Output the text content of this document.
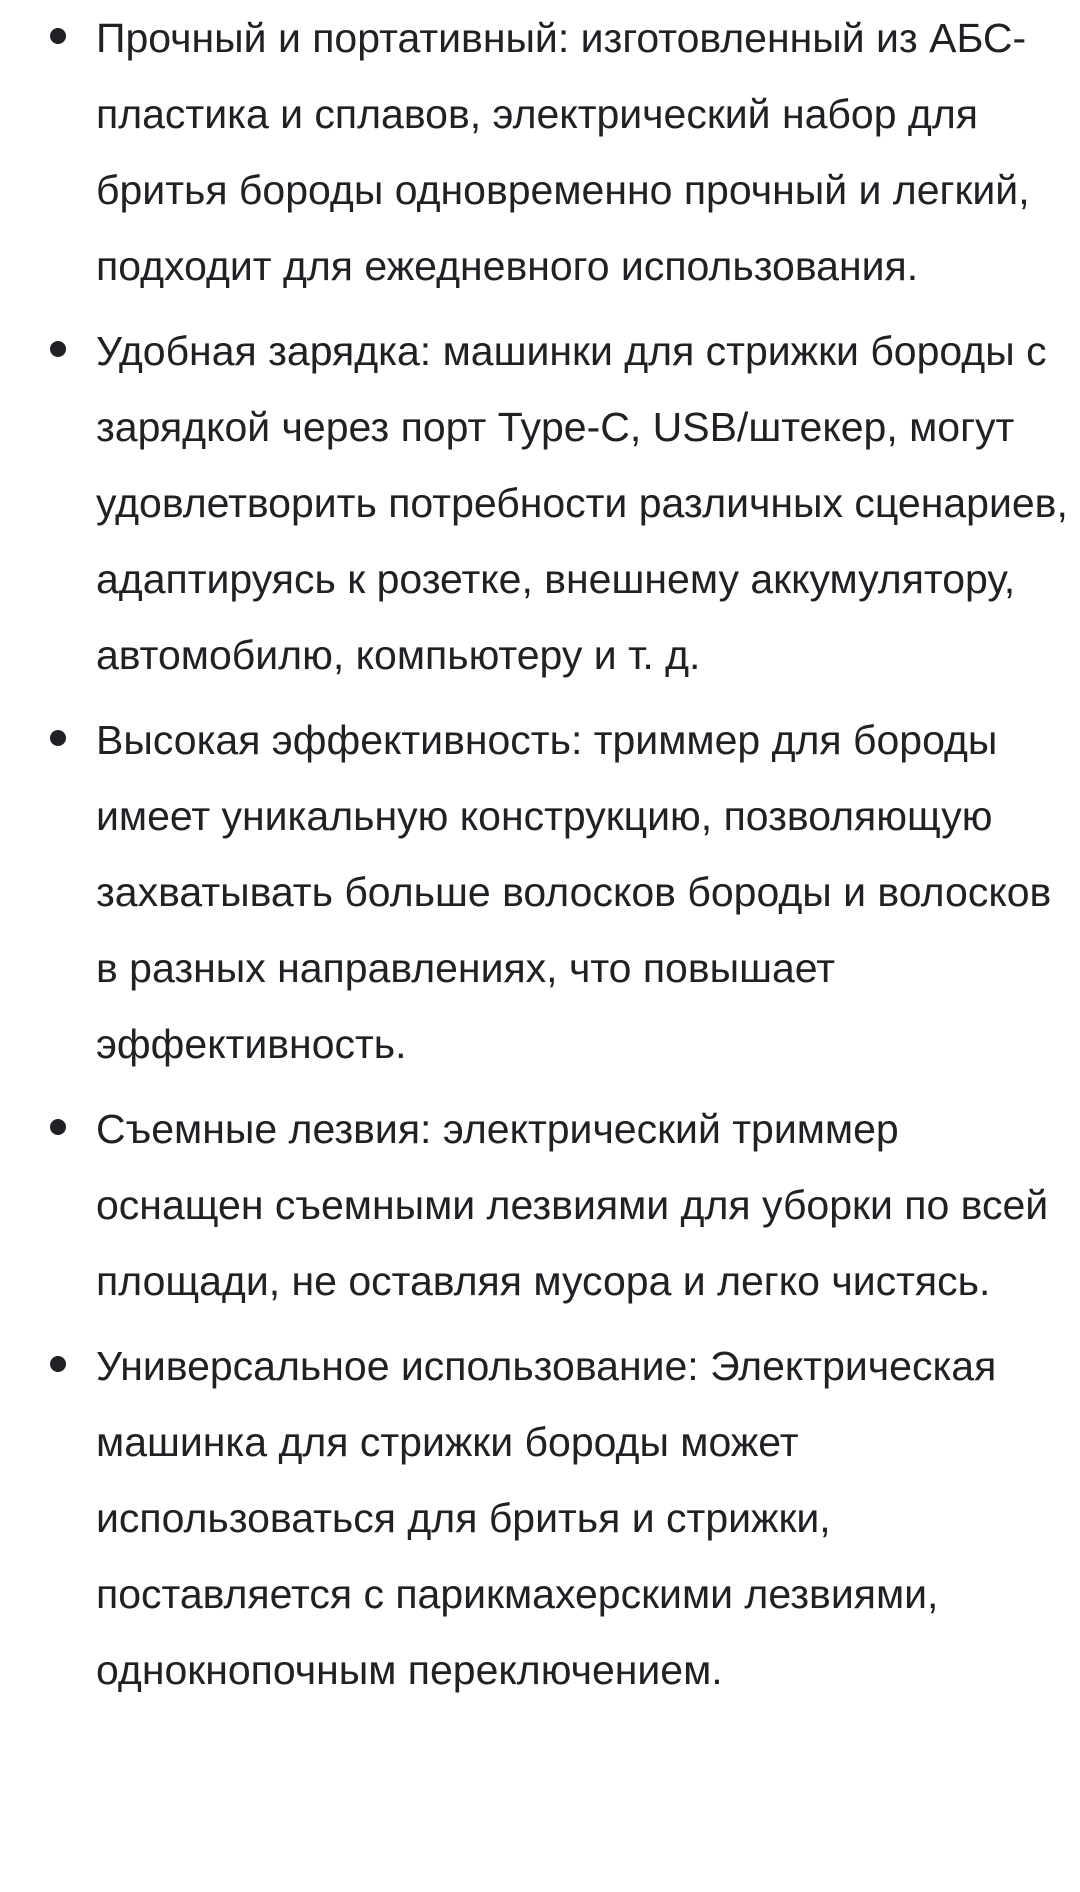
Прочный и портативный: изготовленный из АБС-пластика и сплавов, электрический набор для бритья бороды одновременно прочный и легкий, подходит для ежедневного использования.
Удобная зарядка: машинки для стрижки бороды с зарядкой через порт Type-C, USB/штекер, могут удовлетворить потребности различных сценариев, адаптируясь к розетке, внешнему аккумулятору, автомобилю, компьютеру и т. д.
Высокая эффективность: триммер для бороды имеет уникальную конструкцию, позволяющую захватывать больше волосков бороды и волосков в разных направлениях, что повышает эффективность.
Съемные лезвия: электрический триммер оснащен съемными лезвиями для уборки по всей площади, не оставляя мусора и легко чистясь.
Универсальное использование: Электрическая машинка для стрижки бороды может использоваться для бритья и стрижки, поставляется с парикмахерскими лезвиями, однокнопочным переключением.
